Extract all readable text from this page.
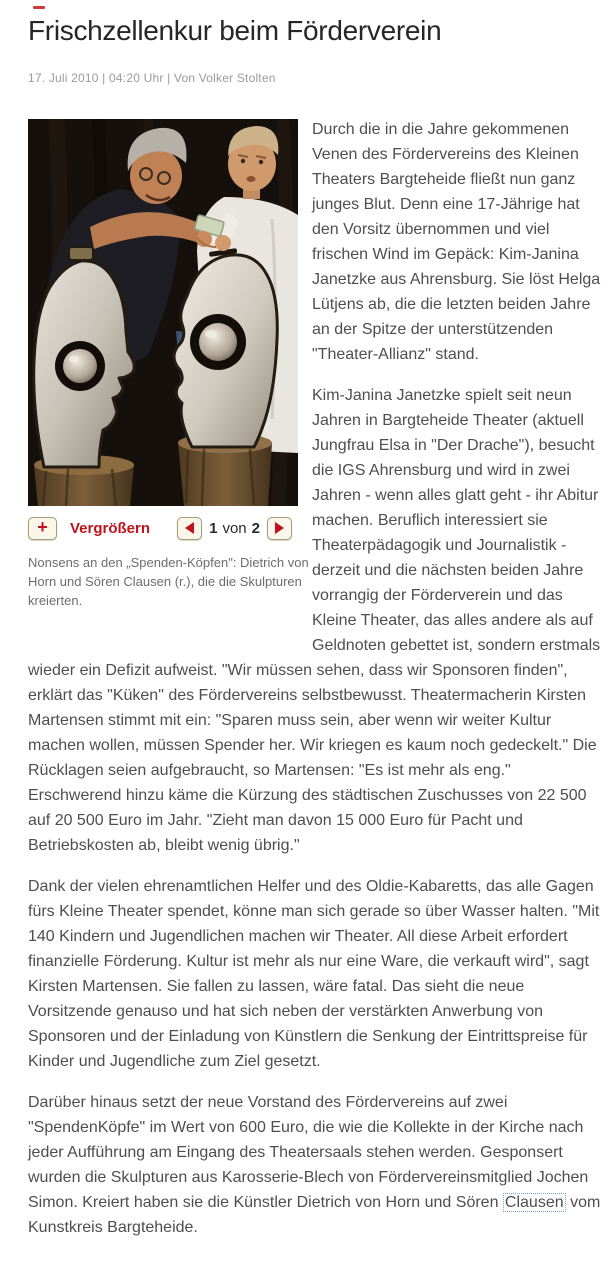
Frischzellenkur beim Förderverein
17. Juli 2010 | 04:20 Uhr | Von Volker Stolten
+ Vergrößern	1 von 2
Nonsens an den „Spenden-Köpfen": Dietrich von Horn und Sören Clausen (r.), die die Skulpturen kreierten.

Durch die in die Jahre gekommenen Venen des Fördervereins des Kleinen Theaters Bargteheide fließt nun ganz junges Blut. Denn eine 17-Jährige hat den Vorsitz übernommen und viel frischen Wind im Gepäck: Kim-Janina Janetzke aus Ahrensburg. Sie löst Helga Lütjens ab, die die letzten beiden Jahre an der Spitze der unterstützenden "Theater-Allianz" stand.

Kim-Janina Janetzke spielt seit neun Jahren in Bargteheide Theater (aktuell Jungfrau Elsa in "Der Drache"), besucht die IGS Ahrensburg und wird in zwei Jahren - wenn alles glatt geht - ihr Abitur machen. Beruflich interessiert sie Theaterpädagogik und Journalistik - derzeit und die nächsten beiden Jahre vorrangig der Förderverein und das Kleine Theater, das alles andere als auf Geldnoten gebettet ist, sondern erstmals wieder ein Defizit aufweist. "Wir müssen sehen, dass wir Sponsoren finden", erklärt das "Küken" des Fördervereins selbstbewusst. Theatermacherin Kirsten Martensen stimmt mit ein: "Sparen muss sein, aber wenn wir weiter Kultur machen wollen, müssen Spender her. Wir kriegen es kaum noch gedeckelt." Die Rücklagen seien aufgebraucht, so Martensen: "Es ist mehr als eng." Erschwerend hinzu käme die Kürzung des städtischen Zuschusses von 22 500 auf 20 500 Euro im Jahr. "Zieht man davon 15 000 Euro für Pacht und Betriebskosten ab, bleibt wenig übrig."

Dank der vielen ehrenamtlichen Helfer und des Oldie-Kabaretts, das alle Gagen fürs Kleine Theater spendet, könne man sich gerade so über Wasser halten. "Mit 140 Kindern und Jugendlichen machen wir Theater. All diese Arbeit erfordert finanzielle Förderung. Kultur ist mehr als nur eine Ware, die verkauft wird", sagt Kirsten Martensen. Sie fallen zu lassen, wäre fatal. Das sieht die neue Vorsitzende genauso und hat sich neben der verstärkten Anwerbung von Sponsoren und der Einladung von Künstlern die Senkung der Eintrittspreise für Kinder und Jugendliche zum Ziel gesetzt.

Darüber hinaus setzt der neue Vorstand des Fördervereins auf zwei "SpendenKöpfe" im Wert von 600 Euro, die wie die Kollekte in der Kirche nach jeder Aufführung am Eingang des Theatersaals stehen werden. Gesponsert wurden die Skulpturen aus Karosserie-Blech von Fördervereinsmitglied Jochen Simon. Kreiert haben sie die Künstler Dietrich von Horn und Sören Clausen vom Kunstkreis Bargteheide.
